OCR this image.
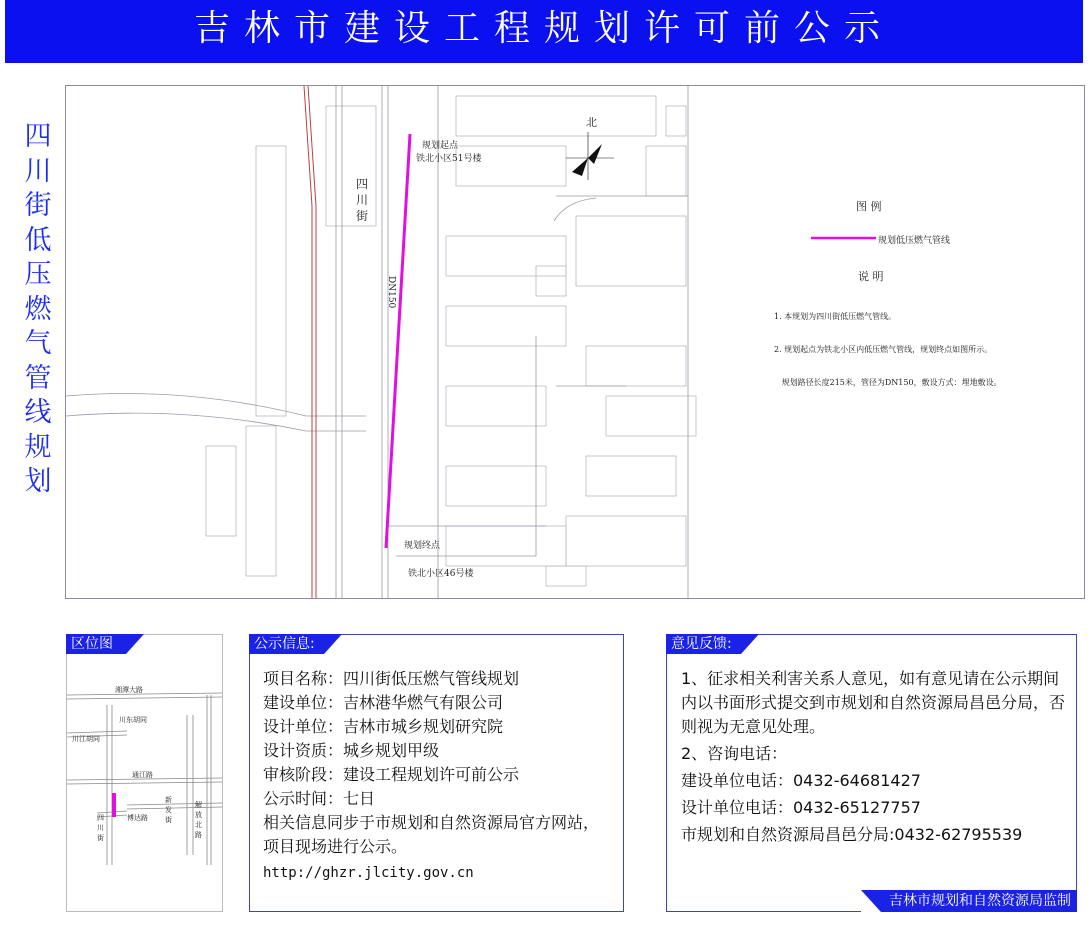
吉林市建设工程规划许可前公示
四川街低压燃气管线规划
北
四
川
街
DN150
规划起点
铁北小区51号楼
规划终点
铁北小区46号楼
图 例
规划低压燃气管线
说 明

1. 本规划为四川街低压燃气管线。

2. 规划起点为铁北小区内低压燃气管线，规划终点如图所示。

规划路径长度215米，管径为DN150，敷设方式：埋地敷设。

区位图
湘潭大路
川东胡同
川江胡同
通江路
博达路
解放北路
新发街
四川街
公示信息:

项目名称：四川街低压燃气管线规划

建设单位：吉林港华燃气有限公司

设计单位：吉林市城乡规划研究院

设计资质：城乡规划甲级

审核阶段：建设工程规划许可前公示

公示时间：七日

相关信息同步于市规划和自然资源局官方网站， 项目现场进行公示。

http://ghzr.jlcity.gov.cn

意见反馈:

1、征求相关利害关系人意见，如有意见请在公示期间内以书面形式提交到市规划和自然资源局昌邑分局，否则视为无意见处理。

2、咨询电话：

建设单位电话：0432-64681427

设计单位电话：0432-65127757

市规划和自然资源局昌邑分局:0432-62795539

吉林市规划和自然资源局监制
